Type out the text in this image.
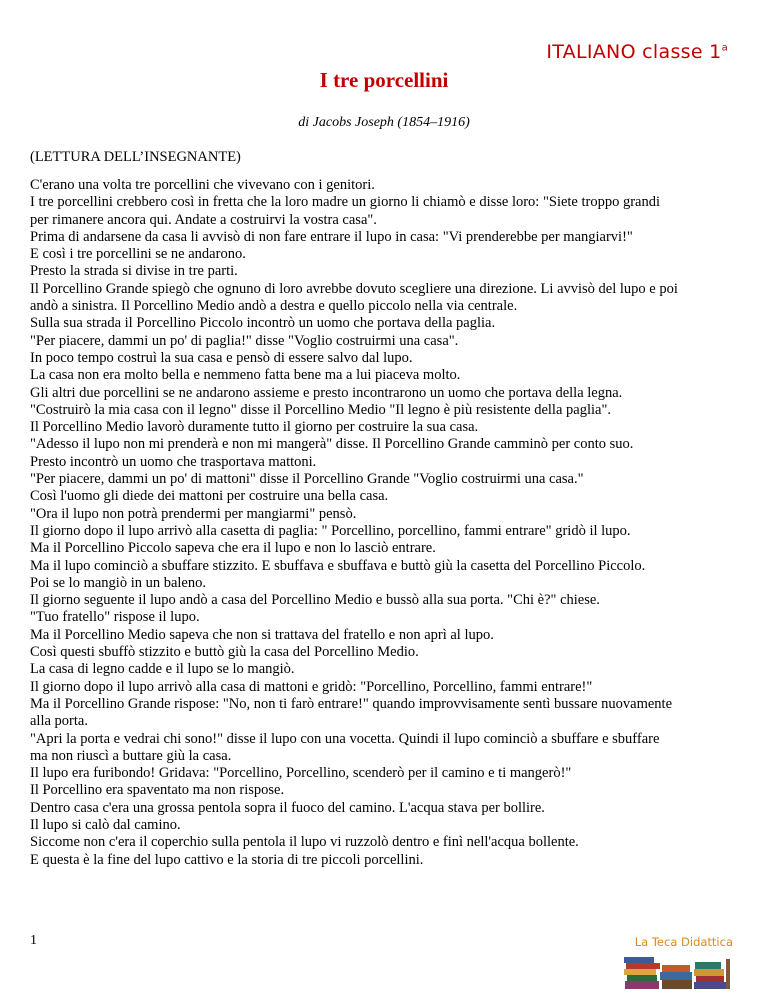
ITALIANO classe 1$^a$
I tre porcellini
di Jacobs Joseph (1854–1916)
(LETTURA DELL’INSEGNANTE)
C'erano una volta tre porcellini che vivevano con i genitori.
I tre porcellini crebbero così in fretta che la loro madre un giorno li chiamò e disse loro: "Siete troppo grandi
per rimanere ancora qui. Andate a costruirvi la vostra casa".
Prima di andarsene da casa li avvisò di non fare entrare il lupo in casa: "Vi prenderebbe per mangiarvi!"
E così i tre porcellini se ne andarono.
Presto la strada si divise in tre parti.
Il Porcellino Grande spiegò che ognuno di loro avrebbe dovuto scegliere una direzione. Li avvisò del lupo e poi
andò a sinistra. Il Porcellino Medio andò a destra e quello piccolo nella via centrale.
Sulla sua strada il Porcellino Piccolo incontrò un uomo che portava della paglia.
"Per piacere, dammi un po' di paglia!" disse "Voglio costruirmi una casa".
In poco tempo costruì la sua casa e pensò di essere salvo dal lupo.
La casa non era molto bella e nemmeno fatta bene ma a lui piaceva molto.
Gli altri due porcellini se ne andarono assieme e presto incontrarono un uomo che portava della legna.
"Costruirò la mia casa con il legno" disse il Porcellino Medio "Il legno è più resistente della paglia".
Il Porcellino Medio lavorò duramente tutto il giorno per costruire la sua casa.
"Adesso il lupo non mi prenderà e non mi mangerà" disse. Il Porcellino Grande camminò per conto suo.
Presto incontrò un uomo che trasportava mattoni.
"Per piacere, dammi un po' di mattoni" disse il Porcellino Grande "Voglio costruirmi una casa."
Così l'uomo gli diede dei mattoni per costruire una bella casa.
"Ora il lupo non potrà prendermi per mangiarmi" pensò.
Il giorno dopo il lupo arrivò alla casetta di paglia: " Porcellino, porcellino, fammi entrare" gridò il lupo.
Ma il Porcellino Piccolo sapeva che era il lupo e non lo lasciò entrare.
Ma il lupo cominciò a sbuffare stizzito. E sbuffava e sbuffava e buttò giù la casetta del Porcellino Piccolo.
Poi se lo mangiò in un baleno.
Il giorno seguente il lupo andò a casa del Porcellino Medio e bussò alla sua porta. "Chi è?" chiese.
"Tuo fratello" rispose il lupo.
Ma il Porcellino Medio sapeva che non si trattava del fratello e non aprì al lupo.
Così questi sbuffò stizzito e buttò giù la casa del Porcellino Medio.
La casa di legno cadde e il lupo se lo mangiò.
Il giorno dopo il lupo arrivò alla casa di mattoni e gridò: "Porcellino, Porcellino, fammi entrare!"
Ma il Porcellino Grande rispose: "No, non ti farò entrare!" quando improvvisamente sentì bussare nuovamente
alla porta.
"Apri la porta e vedrai chi sono!" disse il lupo con una vocetta. Quindi il lupo cominciò a sbuffare e sbuffare
ma non riuscì a buttare giù la casa.
Il lupo era furibondo! Gridava: "Porcellino, Porcellino, scenderò per il camino e ti mangerò!"
Il Porcellino era spaventato ma non rispose.
Dentro casa c'era una grossa pentola sopra il fuoco del camino. L'acqua stava per bollire.
Il lupo si calò dal camino.
Siccome non c'era il coperchio sulla pentola il lupo vi ruzzolò dentro e finì nell'acqua bollente.
E questa è la fine del lupo cattivo e la storia di tre piccoli porcellini.
1	La Teca Didattica
